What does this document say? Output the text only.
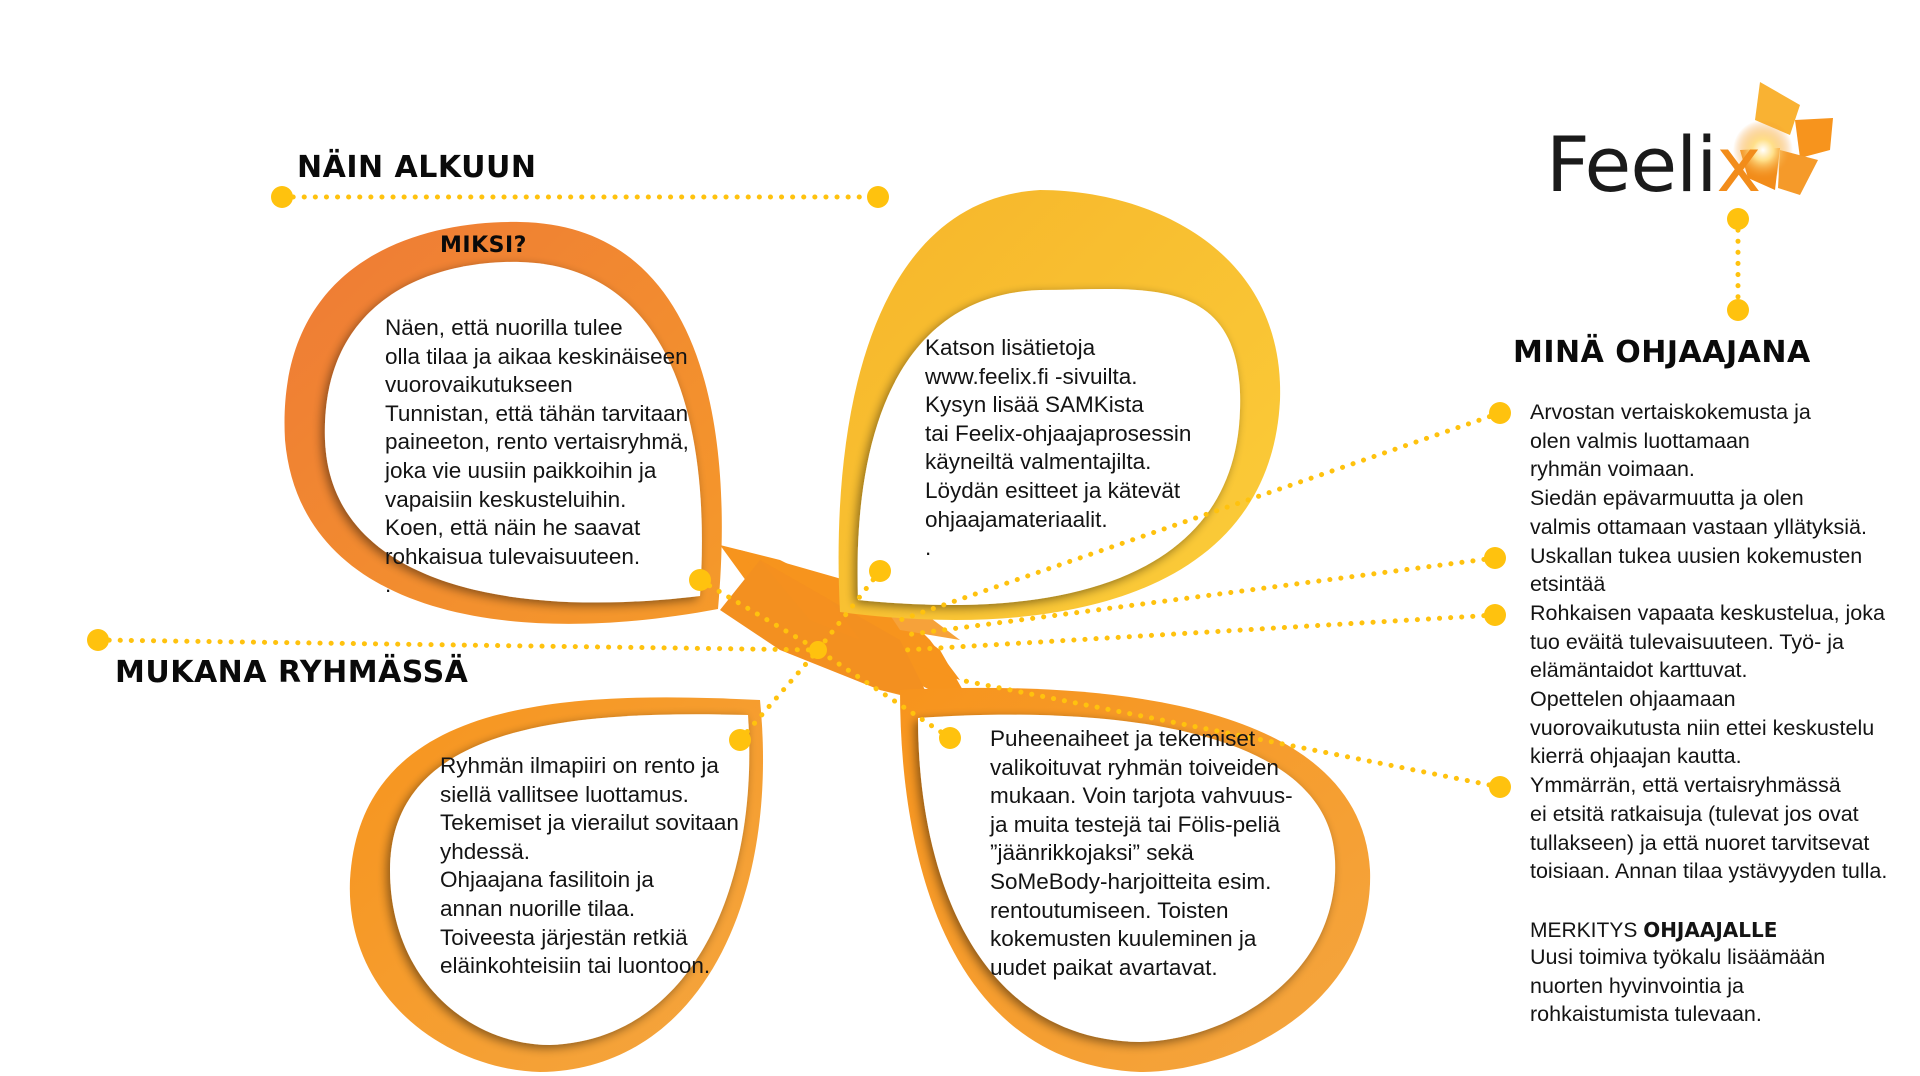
Feelix
NÄIN ALKUUN
MIKSI?
MUKANA RYHMÄSSÄ
MINÄ OHJAAJANA
Näen, että nuorilla tulee
olla tilaa ja aikaa keskinäiseen
vuorovaikutukseen
Tunnistan, että tähän tarvitaan
paineeton, rento vertaisryhmä,
joka vie uusiin paikkoihin ja
vapaisiin keskusteluihin.
Koen, että näin he saavat
rohkaisua tulevaisuuteen.
.
Katson lisätietoja
www.feelix.fi -sivuilta.
Kysyn lisää SAMKista
tai Feelix-ohjaajaprosessin
käyneiltä valmentajilta.
Löydän esitteet ja kätevät
ohjaajamateriaalit.
.
Ryhmän ilmapiiri on rento ja
siellä vallitsee luottamus.
Tekemiset ja vierailut sovitaan
yhdessä.
Ohjaajana fasilitoin ja
annan nuorille tilaa.
Toiveesta järjestän retkiä
eläinkohteisiin tai luontoon.
Puheenaiheet ja tekemiset
valikoituvat ryhmän toiveiden
mukaan. Voin tarjota vahvuus-
ja muita testejä tai Fölis-peliä
”jäänrikkojaksi” sekä
SoMeBody-harjoitteita esim.
rentoutumiseen. Toisten
kokemusten kuuleminen ja
uudet paikat avartavat.
Arvostan vertaiskokemusta ja
olen valmis luottamaan
ryhmän voimaan.
Siedän epävarmuutta ja olen
valmis ottamaan vastaan yllätyksiä.
Uskallan tukea uusien kokemusten
etsintää
Rohkaisen vapaata keskustelua, joka
tuo eväitä tulevaisuuteen. Työ- ja
elämäntaidot karttuvat.
Opettelen ohjaamaan
vuorovaikutusta niin ettei keskustelu
kierrä ohjaajan kautta.
Ymmärrän, että vertaisryhmässä
ei etsitä ratkaisuja (tulevat jos ovat
tullakseen) ja että nuoret tarvitsevat
toisiaan. Annan tilaa ystävyyden tulla.
MERKITYS OHJAAJALLE
Uusi toimiva työkalu lisäämään
nuorten hyvinvointia ja
rohkaistumista tulevaan.
